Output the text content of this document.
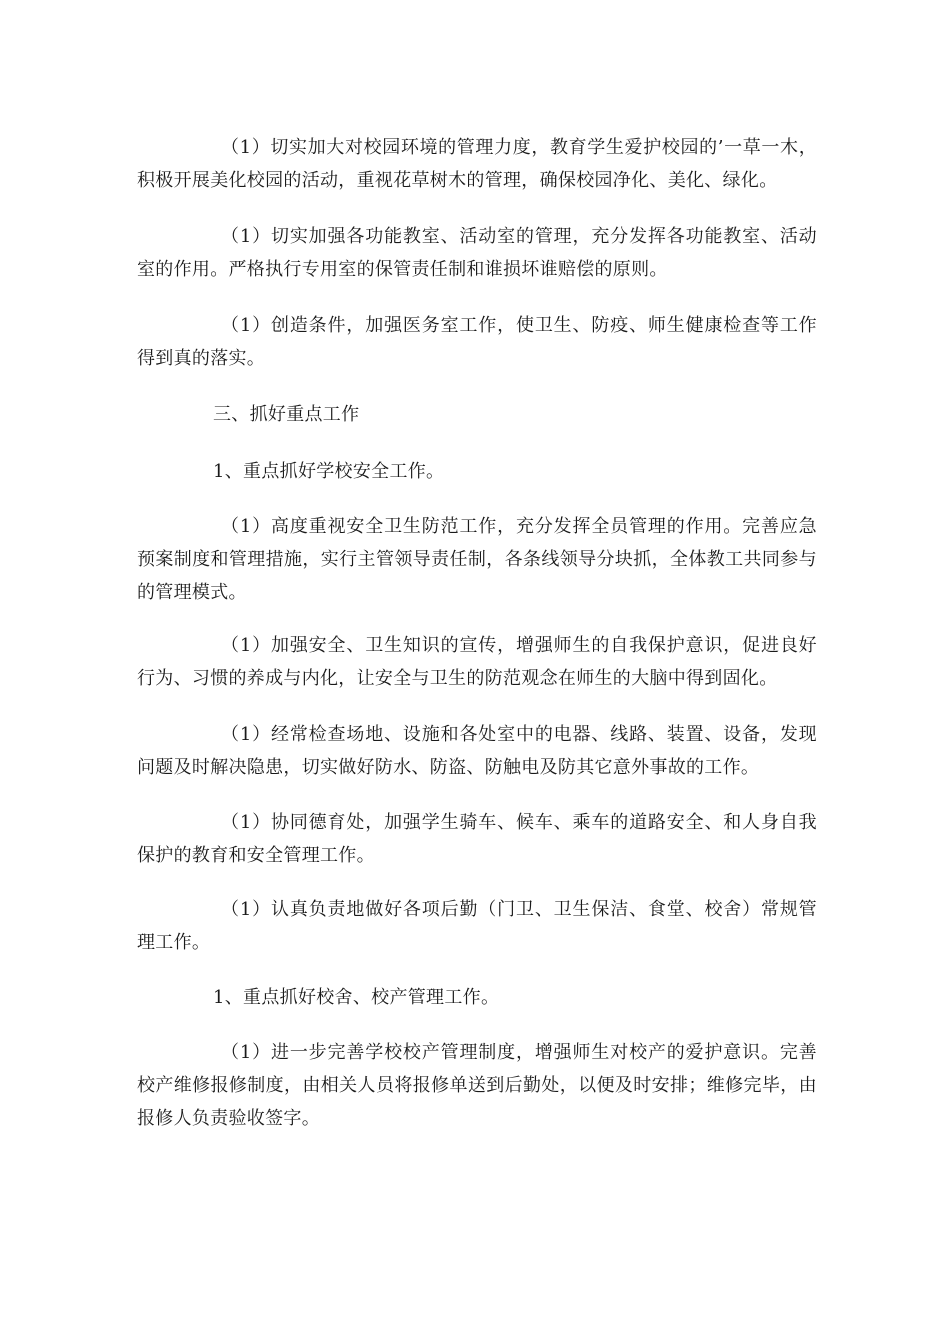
（1）切实加大对校园环境的管理力度，教育学生爱护校园的’一草一木，积极开展美化校园的活动，重视花草树木的管理，确保校园净化、美化、绿化。

（1）切实加强各功能教室、活动室的管理，充分发挥各功能教室、活动室的作用。严格执行专用室的保管责任制和谁损坏谁赔偿的原则。

（1）创造条件，加强医务室工作，使卫生、防疫、师生健康检查等工作得到真的落实。

三、抓好重点工作

1、重点抓好学校安全工作。

（1）高度重视安全卫生防范工作，充分发挥全员管理的作用。完善应急预案制度和管理措施，实行主管领导责任制，各条线领导分块抓，全体教工共同参与的管理模式。

（1）加强安全、卫生知识的宣传，增强师生的自我保护意识，促进良好行为、习惯的养成与内化，让安全与卫生的防范观念在师生的大脑中得到固化。

（1）经常检查场地、设施和各处室中的电器、线路、装置、设备，发现问题及时解决隐患，切实做好防水、防盗、防触电及防其它意外事故的工作。

（1）协同德育处，加强学生骑车、候车、乘车的道路安全、和人身自我保护的教育和安全管理工作。

（1）认真负责地做好各项后勤（门卫、卫生保洁、食堂、校舍）常规管理工作。

1、重点抓好校舍、校产管理工作。

（1）进一步完善学校校产管理制度，增强师生对校产的爱护意识。完善校产维修报修制度，由相关人员将报修单送到后勤处，以便及时安排；维修完毕，由报修人负责验收签字。
